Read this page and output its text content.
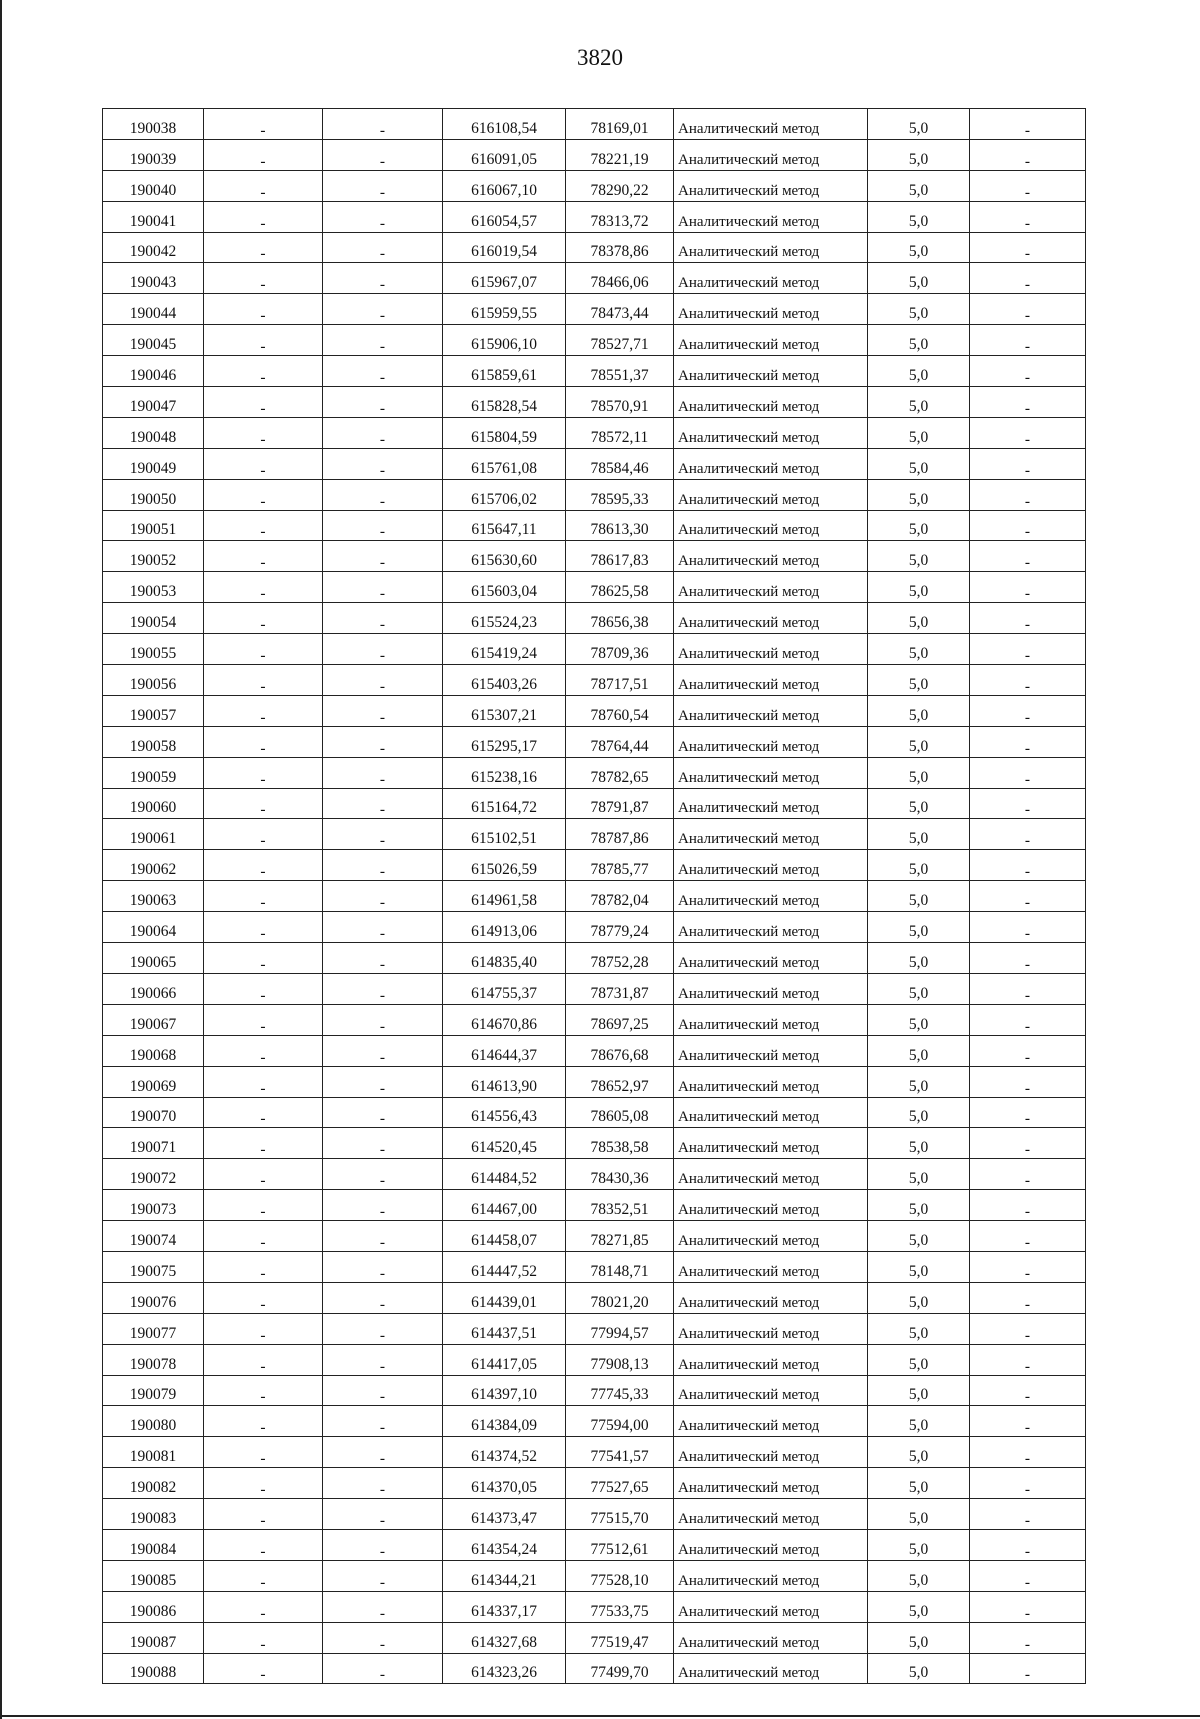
3820
190038	-	-	616108,54	78169,01	Аналитический метод	5,0	-
190039	-	-	616091,05	78221,19	Аналитический метод	5,0	-
190040	-	-	616067,10	78290,22	Аналитический метод	5,0	-
190041	-	-	616054,57	78313,72	Аналитический метод	5,0	-
190042	-	-	616019,54	78378,86	Аналитический метод	5,0	-
190043	-	-	615967,07	78466,06	Аналитический метод	5,0	-
190044	-	-	615959,55	78473,44	Аналитический метод	5,0	-
190045	-	-	615906,10	78527,71	Аналитический метод	5,0	-
190046	-	-	615859,61	78551,37	Аналитический метод	5,0	-
190047	-	-	615828,54	78570,91	Аналитический метод	5,0	-
190048	-	-	615804,59	78572,11	Аналитический метод	5,0	-
190049	-	-	615761,08	78584,46	Аналитический метод	5,0	-
190050	-	-	615706,02	78595,33	Аналитический метод	5,0	-
190051	-	-	615647,11	78613,30	Аналитический метод	5,0	-
190052	-	-	615630,60	78617,83	Аналитический метод	5,0	-
190053	-	-	615603,04	78625,58	Аналитический метод	5,0	-
190054	-	-	615524,23	78656,38	Аналитический метод	5,0	-
190055	-	-	615419,24	78709,36	Аналитический метод	5,0	-
190056	-	-	615403,26	78717,51	Аналитический метод	5,0	-
190057	-	-	615307,21	78760,54	Аналитический метод	5,0	-
190058	-	-	615295,17	78764,44	Аналитический метод	5,0	-
190059	-	-	615238,16	78782,65	Аналитический метод	5,0	-
190060	-	-	615164,72	78791,87	Аналитический метод	5,0	-
190061	-	-	615102,51	78787,86	Аналитический метод	5,0	-
190062	-	-	615026,59	78785,77	Аналитический метод	5,0	-
190063	-	-	614961,58	78782,04	Аналитический метод	5,0	-
190064	-	-	614913,06	78779,24	Аналитический метод	5,0	-
190065	-	-	614835,40	78752,28	Аналитический метод	5,0	-
190066	-	-	614755,37	78731,87	Аналитический метод	5,0	-
190067	-	-	614670,86	78697,25	Аналитический метод	5,0	-
190068	-	-	614644,37	78676,68	Аналитический метод	5,0	-
190069	-	-	614613,90	78652,97	Аналитический метод	5,0	-
190070	-	-	614556,43	78605,08	Аналитический метод	5,0	-
190071	-	-	614520,45	78538,58	Аналитический метод	5,0	-
190072	-	-	614484,52	78430,36	Аналитический метод	5,0	-
190073	-	-	614467,00	78352,51	Аналитический метод	5,0	-
190074	-	-	614458,07	78271,85	Аналитический метод	5,0	-
190075	-	-	614447,52	78148,71	Аналитический метод	5,0	-
190076	-	-	614439,01	78021,20	Аналитический метод	5,0	-
190077	-	-	614437,51	77994,57	Аналитический метод	5,0	-
190078	-	-	614417,05	77908,13	Аналитический метод	5,0	-
190079	-	-	614397,10	77745,33	Аналитический метод	5,0	-
190080	-	-	614384,09	77594,00	Аналитический метод	5,0	-
190081	-	-	614374,52	77541,57	Аналитический метод	5,0	-
190082	-	-	614370,05	77527,65	Аналитический метод	5,0	-
190083	-	-	614373,47	77515,70	Аналитический метод	5,0	-
190084	-	-	614354,24	77512,61	Аналитический метод	5,0	-
190085	-	-	614344,21	77528,10	Аналитический метод	5,0	-
190086	-	-	614337,17	77533,75	Аналитический метод	5,0	-
190087	-	-	614327,68	77519,47	Аналитический метод	5,0	-
190088	-	-	614323,26	77499,70	Аналитический метод	5,0	-
